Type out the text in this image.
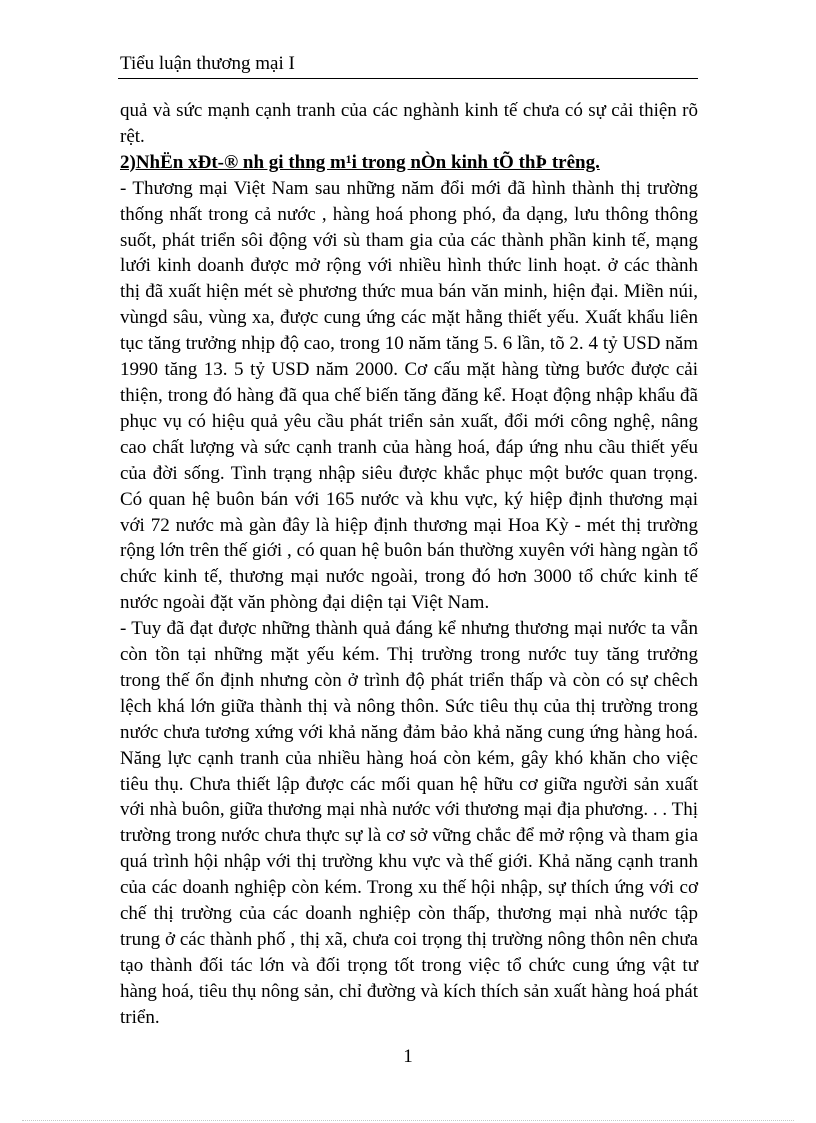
Tiểu luận thương mại I

quả và sức mạnh cạnh tranh của các nghành kinh tế chưa có sự cải thiện rõ rệt.

2)NhËn xÐt-® nh gi thng m¹i trong nÒn kinh tÕ thÞ trêng.

- Thương mại Việt Nam sau những năm đổi mới đã hình thành thị trường thống nhất trong cả nước , hàng hoá phong phó, đa dạng, lưu thông thông suốt, phát triển sôi động với sù tham gia của các thành phần kinh tế, mạng lưới kinh doanh được mở rộng với nhiều hình thức linh hoạt. ở các thành thị đã xuất hiện mét sè phương thức mua bán văn minh, hiện đại. Miền núi, vùngd sâu, vùng xa, được cung ứng các mặt hằng thiết yếu. Xuất khẩu liên tục tăng trưởng nhịp độ cao, trong 10 năm tăng 5. 6 lần, tõ 2. 4 tỷ USD năm 1990 tăng 13. 5 tỷ USD năm 2000. Cơ cấu mặt hàng từng bước được cải thiện, trong đó hàng đã qua chế biến tăng đăng kể. Hoạt động nhập khẩu đã phục vụ có hiệu quả yêu cầu phát triển sản xuất, đổi mới công nghệ, nâng cao chất lượng và sức cạnh tranh của hàng hoá, đáp ứng nhu cầu thiết yếu của đời sống. Tình trạng nhập siêu được khắc phục một bước quan trọng. Có quan hệ buôn bán với 165 nước và khu vực, ký hiệp định thương mại với 72 nước mà gàn đây là hiệp định thương mại Hoa Kỳ - mét thị trường rộng lớn trên thế giới , có quan hệ buôn bán thường xuyên với hàng ngàn tổ chức kinh tế, thương mại nước ngoài, trong đó hơn 3000 tổ chức kinh tế nước ngoài đặt văn phòng đại diện tại Việt Nam.

- Tuy đã đạt được những thành quả đáng kể nhưng thương mại nước ta vẫn còn tồn tại những mặt yếu kém. Thị trường trong nước tuy tăng trưởng trong thế ổn định nhưng còn ở trình độ phát triển thấp và còn có sự chêch lệch khá lớn giữa thành thị và nông thôn. Sức tiêu thụ của thị trường trong nước chưa tương xứng với khả năng đảm bảo khả năng cung ứng hàng hoá. Năng lực cạnh tranh của nhiều hàng hoá còn kém, gây khó khăn cho việc tiêu thụ. Chưa thiết lập được các mối quan hệ hữu cơ giữa người sản xuất với nhà buôn, giữa thương mại nhà nước với thương mại địa phương. . . Thị trường trong nước chưa thực sự là cơ sở vững chắc để mở rộng và tham gia quá trình hội nhập với thị trường khu vực và thế giới. Khả năng cạnh tranh của các doanh nghiệp còn kém. Trong xu thế hội nhập, sự thích ứng với cơ chế thị trường của các doanh nghiệp còn thấp, thương mại nhà nước tập trung ở các thành phố , thị xã, chưa coi trọng thị trường nông thôn nên chưa tạo thành đối tác lớn và đối trọng tốt trong việc tổ chức cung ứng vật tư hàng hoá, tiêu thụ nông sản, chỉ đường và kích thích sản xuất hàng hoá phát triển.

1
